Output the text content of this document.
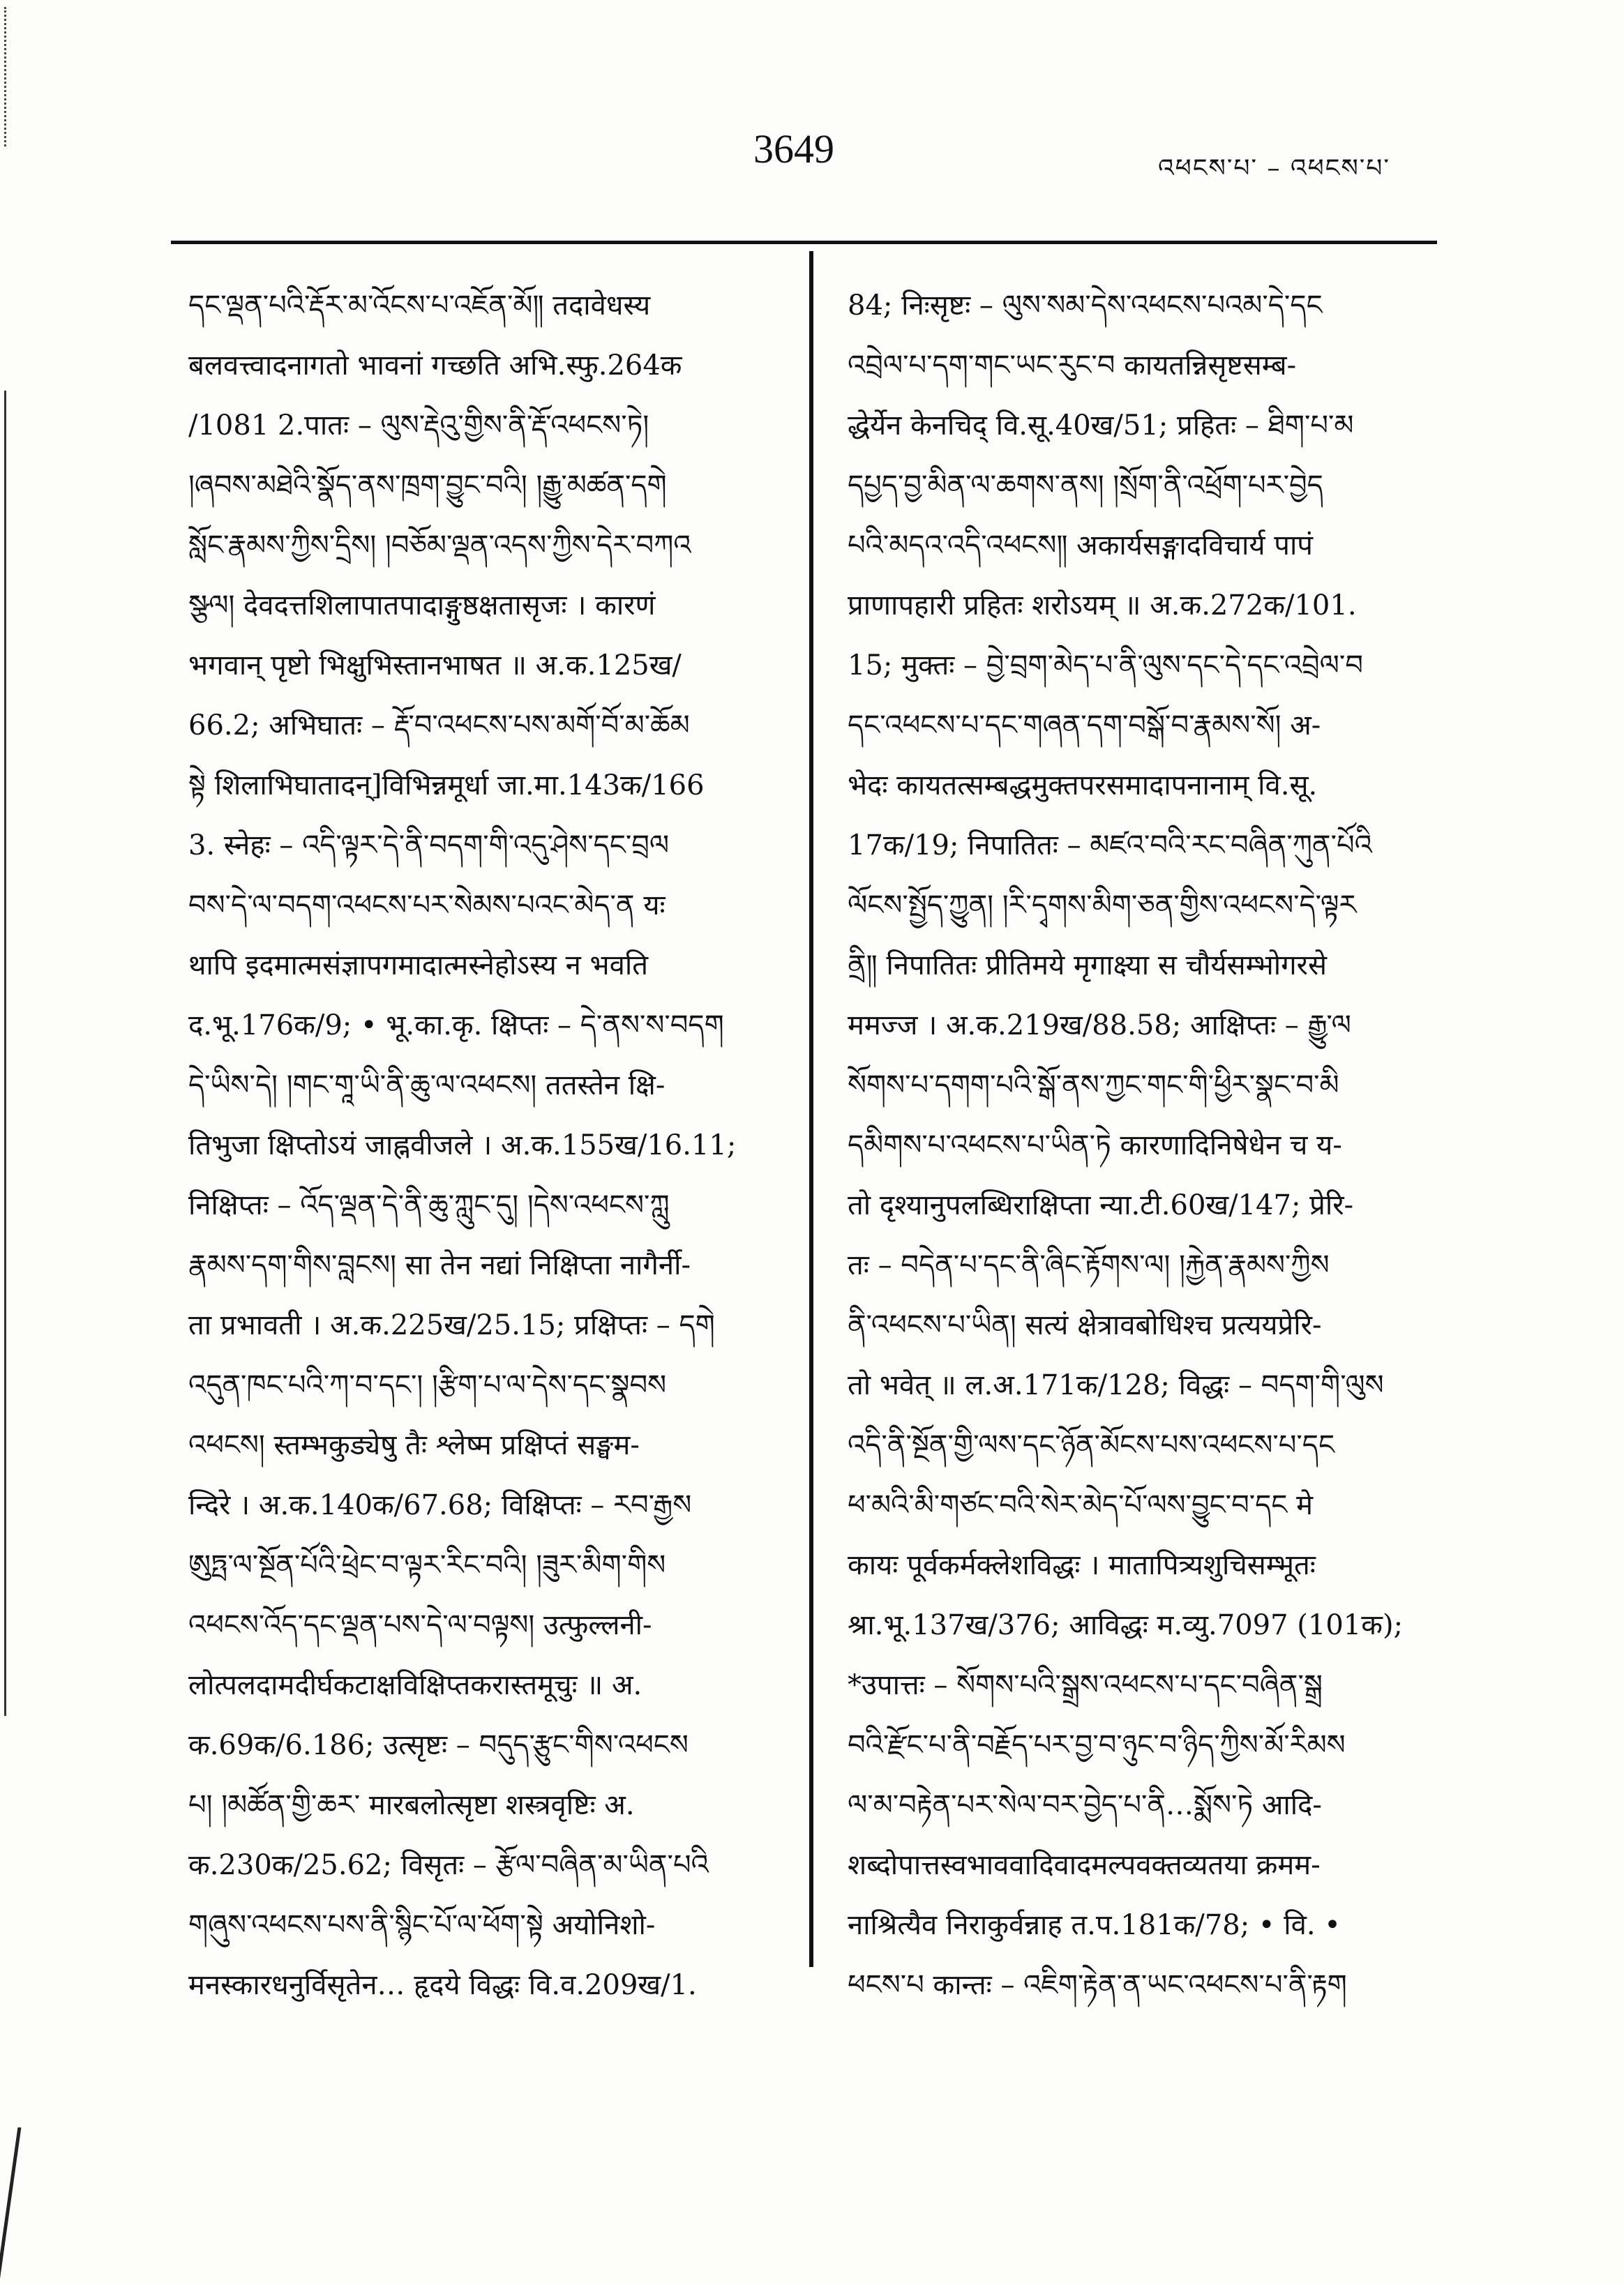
3649	འཕངས་པ་ – འཕངས་པ་
དང་ལྡན་པའི་རྡོར་མ་འོངས་པ་འཇོན་མོ༎ तदावेधस्य
बलवत्त्वादनागतो भावनां गच्छति अभि.स्फु.264क
/1081 2.पातः – ལུས་རྡེའུ་གྱིས་ནི་རྡོ་འཕངས་ཏེ།
།ཞབས་མཐེའི་སྣོད་ནས་ཁྲག་བྱུང་བའི། །རྒྱུ་མཚན་དགེ
སློང་རྣམས་ཀྱིས་དྲིས། །བཅོམ་ལྡན་འདས་ཀྱིས་དེར་བཀའ
སྩལ། देवदत्तशिलापातपादाङ्गुष्ठक्षतासृजः । कारणं
भगवान् पृष्टो भिक्षुभिस्तानभाषत ॥ अ.क.125ख/
66.2; अभिघातः – རྡོ་བ་འཕངས་པས་མགོ་བོ་མ་ཆོམ
སྟེ शिलाभिघातादन्]विभिन्नमूर्धा जा.मा.143क/166
3. स्नेहः – འདི་ལྟར་དེ་ནི་བདག་གི་འདུ་ཤེས་དང་བྲལ
བས་དེ་ལ་བདག་འཕངས་པར་སེམས་པའང་མེད་ན यः
थापि इदमात्मसंज्ञापगमादात्मस्नेहोऽस्य न भवति
द.भू.176क/9; • भू.का.कृ. क्षिप्तः – དེ་ནས་ས་བདག
དེ་ཡིས་དེ། །གང་གཱ་ཡི་ནི་ཆུ་ལ་འཕངས། ततस्तेन क्षि-
तिभुजा क्षिप्तोऽयं जाह्नवीजले । अ.क.155ख/16.11;
निक्षिप्तः – འོད་ལྡན་དེ་ནི་ཆུ་ཀླུང་དུ། །དེས་འཕངས་ཀླུ
རྣམས་དག་གིས་བླངས། सा तेन नद्यां निक्षिप्ता नागैर्नी-
ता प्रभावती । अ.क.225ख/25.15; प्रक्षिप्तः – དགེ
འདུན་ཁང་པའི་ཀ་བ་དང་། །རྩིག་པ་ལ་དེས་དང་སྣབས
འཕངས། स्तम्भकुड्येषु तैः श्लेष्म प्रक्षिप्तं सङ्घम-
न्दिरे । अ.क.140क/67.68; विक्षिप्तः – རབ་རྒྱས
ཨུཏྤ་ལ་སྔོན་པོའི་ཕྲེང་བ་ལྟར་རིང་བའི། །ཟུར་མིག་གིས
འཕངས་འོད་དང་ལྡན་པས་དེ་ལ་བལྟས། उत्फुल्लनी-
लोत्पलदामदीर्घकटाक्षविक्षिप्तकरास्तमूचुः ॥ अ.
क.69क/6.186; उत्सृष्टः – བདུད་རྩུང་གིས་འཕངས
པ། །མཚོན་གྱི་ཆར་ मारबलोत्सृष्टा शस्त्रवृष्टिः अ.
क.230क/25.62; विसृतः – རྩོལ་བཞིན་མ་ཡིན་པའི
གཞུས་འཕངས་པས་ནི་སྙིང་པོ་ལ་ཕོག་སྟེ अयोनिशो-
मनस्कारधनुर्विसृतेन… हृदये विद्धः वि.व.209ख/1.
84; निःसृष्टः – ལུས་སམ་དེས་འཕངས་པའམ་དེ་དང
འབྲེལ་པ་དག་གང་ཡང་རུང་བ कायतन्निसृष्टसम्ब-
द्धेर्येन केनचिद् वि.सू.40ख/51; प्रहितः – ཐིག་པ་མ
དཔྱད་བྱ་མིན་ལ་ཆགས་ནས། །སྲོག་ནི་འཕྲོག་པར་བྱེད
པའི་མདའ་འདི་འཕངས༎ अकार्यसङ्गादविचार्य पापं
प्राणापहारी प्रहितः शरोऽयम् ॥ अ.क.272क/101.
15; मुक्तः – བྱེ་བྲག་མེད་པ་ནི་ལུས་དང་དེ་དང་འབྲེལ་བ
དང་འཕངས་པ་དང་གཞན་དག་བསྒོ་བ་རྣམས་སོ། अ-
भेदः कायतत्सम्बद्धमुक्तपरसमादापनानाम् वि.सू.
17क/19; निपातितः – མཛའ་བའི་རང་བཞིན་ཀུན་པོའི
ལོངས་སྤྱོད་ཀྱུན། །རི་དྭགས་མིག་ཅན་གྱིས་འཕངས་དེ་ལྟར
ནྲི༎ निपातितः प्रीतिमये मृगाक्ष्या स चौर्यसम्भोगरसे
ममज्ज । अ.क.219ख/88.58; आक्षिप्तः – རྒྱུ་ལ
སོགས་པ་དགག་པའི་སྒོ་ནས་ཀྱང་གང་གི་ཕྱིར་སྣང་བ་མི
དམིགས་པ་འཕངས་པ་ཡིན་ཏེ कारणादिनिषेधेन च य-
तो दृश्यानुपलब्धिराक्षिप्ता न्या.टी.60ख/147; प्रेरि-
तः – བདེན་པ་དང་ནི་ཞིང་རྟོགས་ལ། །རྐྱེན་རྣམས་ཀྱིས
ནི་འཕངས་པ་ཡིན། सत्यं क्षेत्रावबोधिश्च प्रत्ययप्रेरि-
तो भवेत् ॥ ल.अ.171क/128; विद्धः – བདག་གི་ལུས
འདི་ནི་སྔོན་གྱི་ལས་དང་ཉོན་མོངས་པས་འཕངས་པ་དང
ཕ་མའི་མི་གཙང་བའི་སེར་མེད་པོ་ལས་བྱུང་བ་དང मे
कायः पूर्वकर्मक्लेशविद्धः । मातापित्र्यशुचिसम्भूतः
श्रा.भू.137ख/376; आविद्धः म.व्यु.7097 (101क);
*उपात्तः – སོགས་པའི་སྒྲས་འཕངས་པ་དང་བཞིན་སྒྲ
བའི་རྫོང་པ་ནི་བརྗོད་པར་བྱ་བ་ཉུང་བ་ཉིད་ཀྱིས་མོ་རིམས
ལ་མ་བརྟེན་པར་སེལ་བར་བྱེད་པ་ནི…སྨོས་ཏེ आदि-
शब्दोपात्तस्वभाववादिवादमल्पवक्तव्यतया क्रमम-
नाश्रित्यैव निराकुर्वन्नाह त.प.181क/78; • वि. •
ཕངས་པ कान्तः – འཇིག་རྟེན་ན་ཡང་འཕངས་པ་ནི་རྟག
